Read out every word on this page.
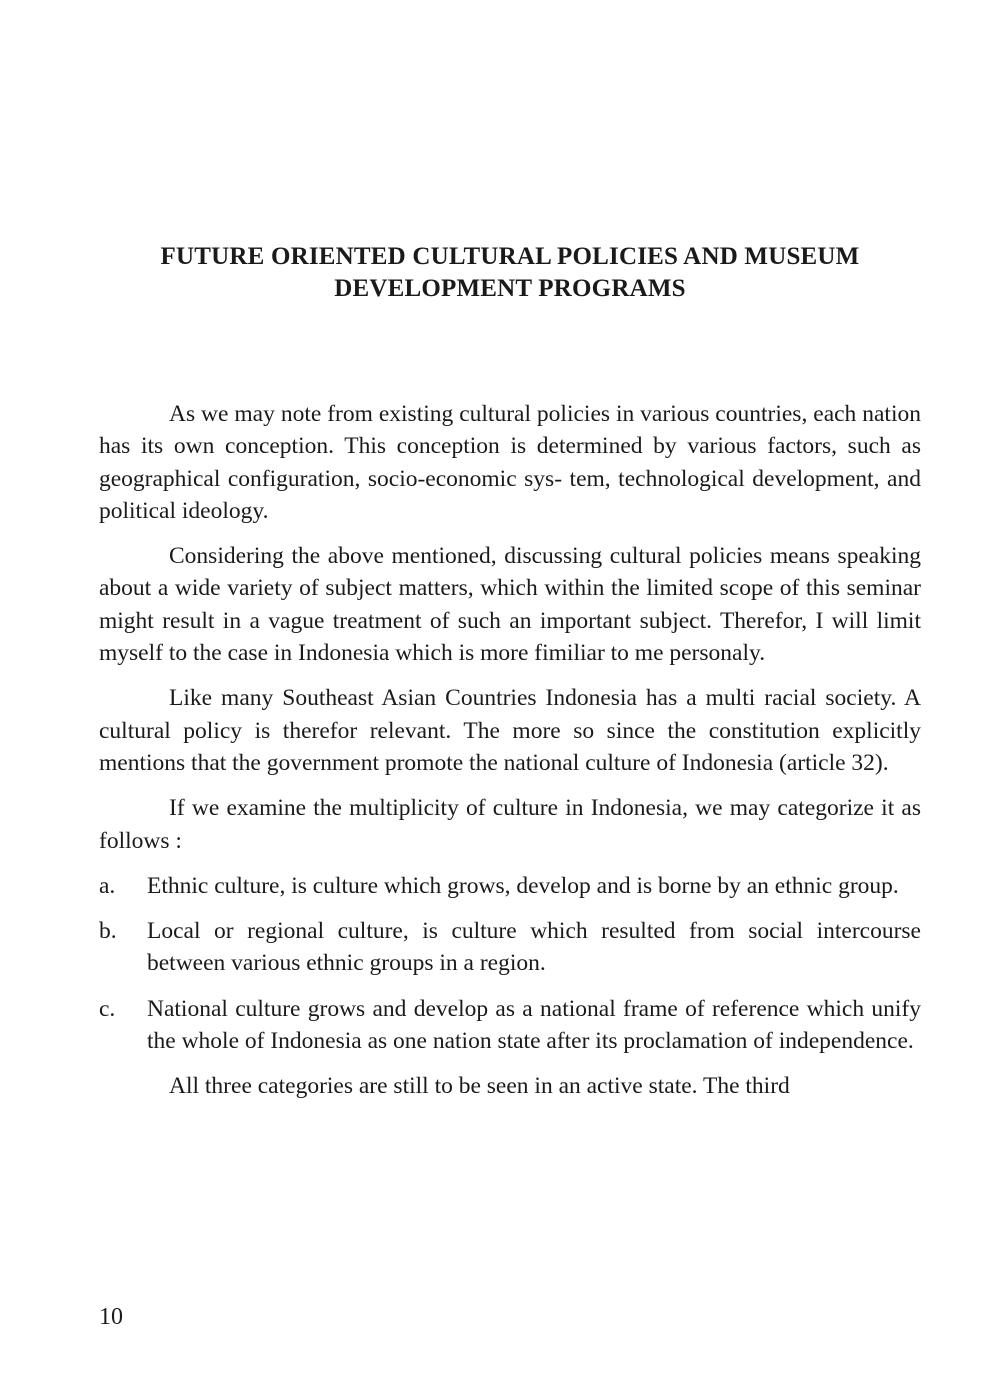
FUTURE ORIENTED CULTURAL POLICIES AND MUSEUM
DEVELOPMENT PROGRAMS

As we may note from existing cultural policies in various countries, each nation has its own conception. This conception is determined by various factors, such as geographical configuration, socio-economic sys- tem, technological development, and political ideology.

Considering the above mentioned, discussing cultural policies means speaking about a wide variety of subject matters, which within the limited scope of this seminar might result in a vague treatment of such an important subject. Therefor, I will limit myself to the case in Indonesia which is more fimiliar to me personaly.

Like many Southeast Asian Countries Indonesia has a multi racial society. A cultural policy is therefor relevant. The more so since the constitution explicitly mentions that the government promote the national culture of Indonesia (article 32).

If we examine the multiplicity of culture in Indonesia, we may categorize it as follows :

a. Ethnic culture, is culture which grows, develop and is borne by an ethnic group.
b. Local or regional culture, is culture which resulted from social intercourse between various ethnic groups in a region.
c. National culture grows and develop as a national frame of reference which unify the whole of Indonesia as one nation state after its proclamation of independence.

All three categories are still to be seen in an active state. The third

10
